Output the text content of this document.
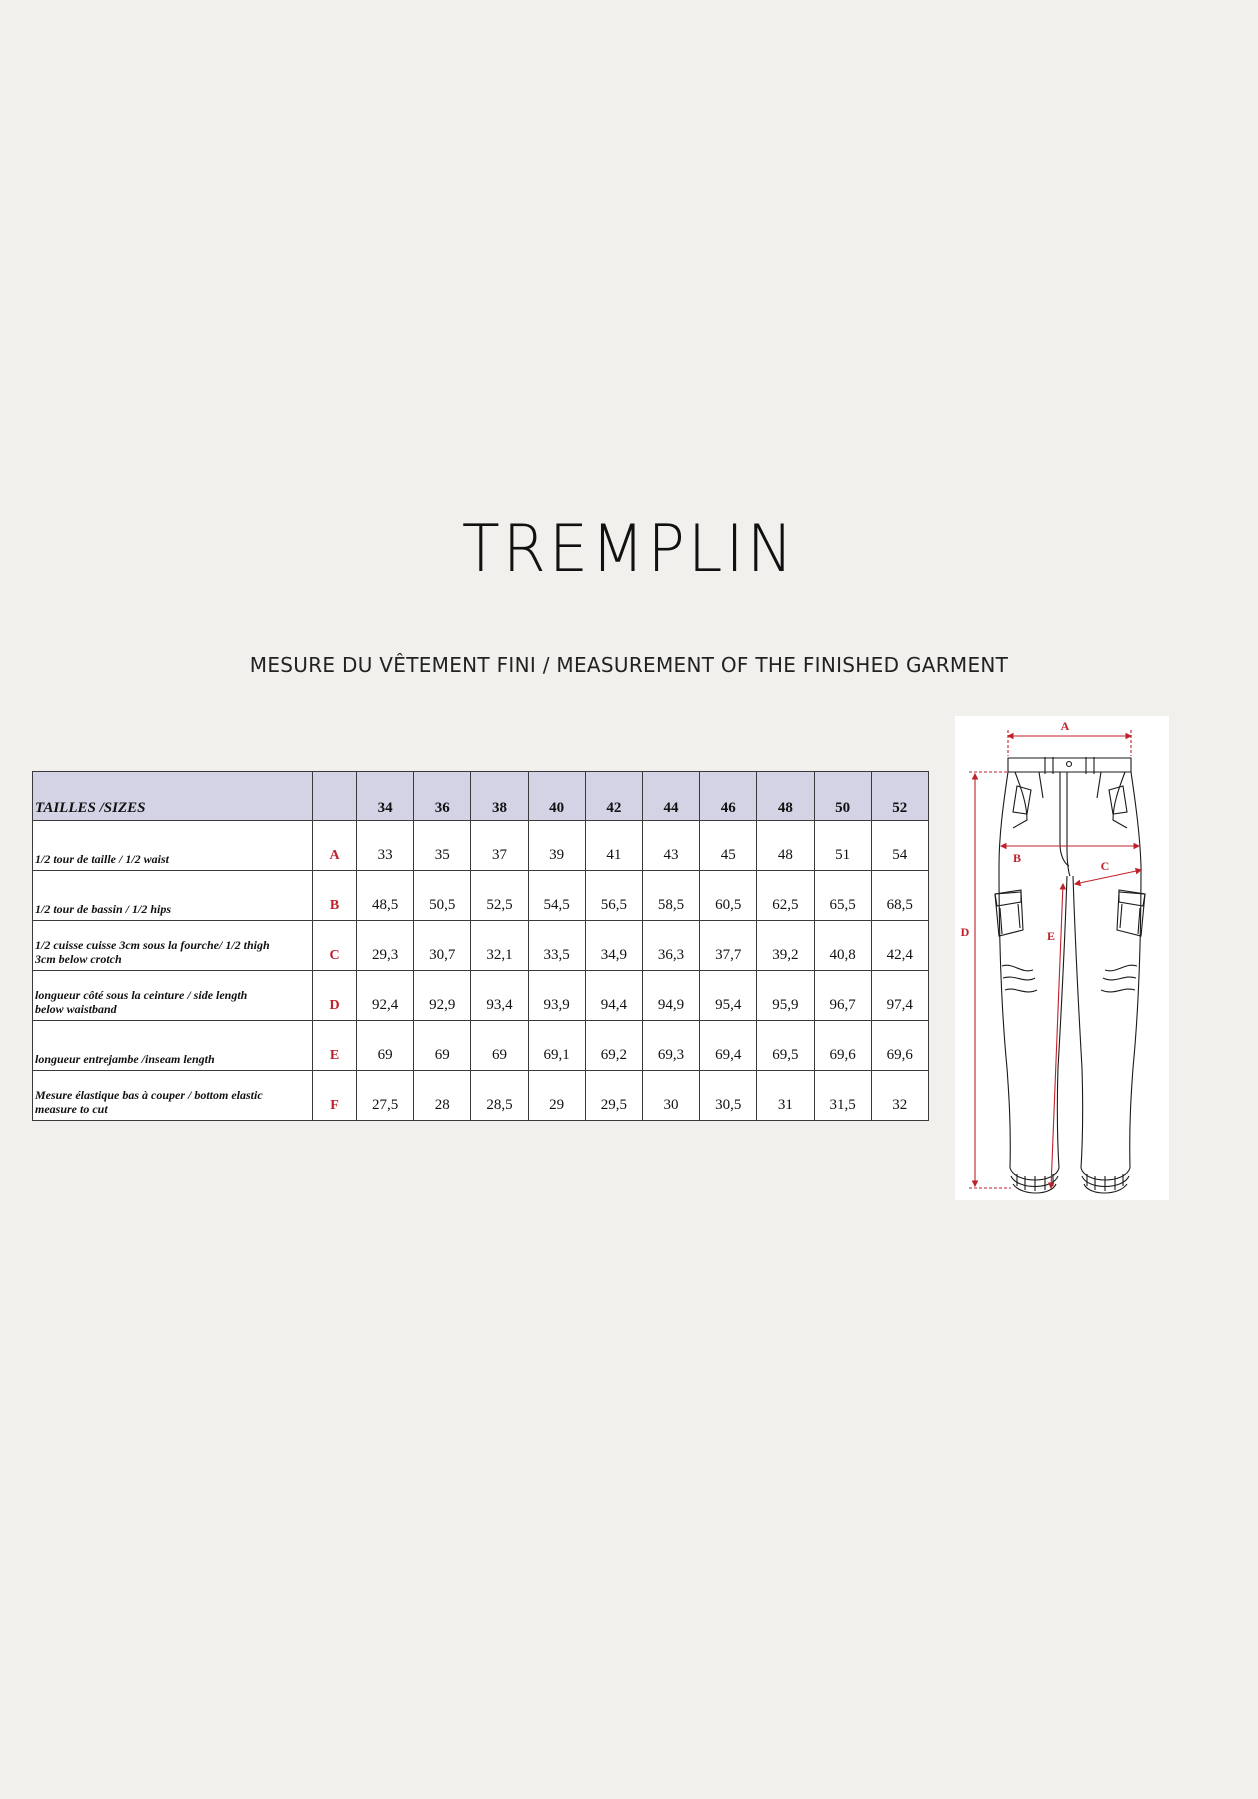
TREMPLIN
MESURE DU VÊTEMENT FINI / MEASUREMENT OF THE FINISHED GARMENT
TAILLES /SIZES		34	36	38	40	42	44	46	48	50	52

1/2 tour de taille / 1/2 waist	A	33	35	37	39	41	43	45	48	51	54

1/2 tour de bassin / 1/2 hips	B	48,5	50,5	52,5	54,5	56,5	58,5	60,5	62,5	65,5	68,5

1/2 cuisse cuisse 3cm sous la fourche/ 1/2 thigh
3cm below crotch	C	29,3	30,7	32,1	33,5	34,9	36,3	37,7	39,2	40,8	42,4

longueur côté sous la ceinture / side length
below waistband	D	92,4	92,9	93,4	93,9	94,4	94,9	95,4	95,9	96,7	97,4

longueur entrejambe /inseam length	E	69	69	69	69,1	69,2	69,3	69,4	69,5	69,6	69,6

Mesure élastique bas à couper / bottom elastic
measure to cut	F	27,5	28	28,5	29	29,5	30	30,5	31	31,5	32
A
B
C
D	E
